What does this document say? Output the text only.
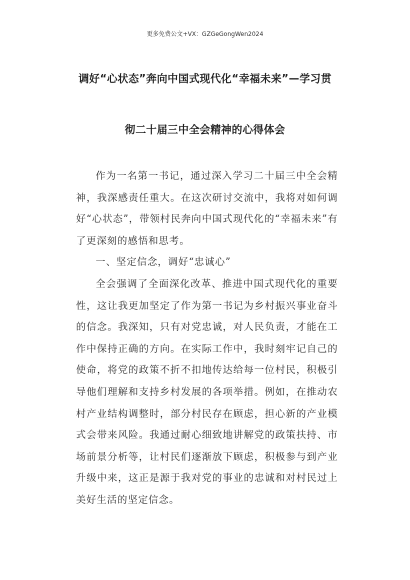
更多免费公文+VX：GZGeGongWen2024
调好“心状态”奔向中国式现代化“幸福未来”—学习贯
彻二十届三中全会精神的心得体会

作为一名第一书记，通过深入学习二十届三中全会精神，我深感责任重大。在这次研讨交流中，我将对如何调好“心状态”，带领村民奔向中国式现代化的“幸福未来”有了更深刻的感悟和思考。

一、坚定信念，调好“忠诚心”

全会强调了全面深化改革、推进中国式现代化的重要性，这让我更加坚定了作为第一书记为乡村振兴事业奋斗的信念。我深知，只有对党忠诚，对人民负责，才能在工作中保持正确的方向。在实际工作中，我时刻牢记自己的使命，将党的政策不折不扣地传达给每一位村民，积极引导他们理解和支持乡村发展的各项举措。例如，在推动农村产业结构调整时，部分村民存在顾虑，担心新的产业模式会带来风险。我通过耐心细致地讲解党的政策扶持、市场前景分析等，让村民们逐渐放下顾虑，积极参与到产业升级中来，这正是源于我对党的事业的忠诚和对村民过上美好生活的坚定信念。
